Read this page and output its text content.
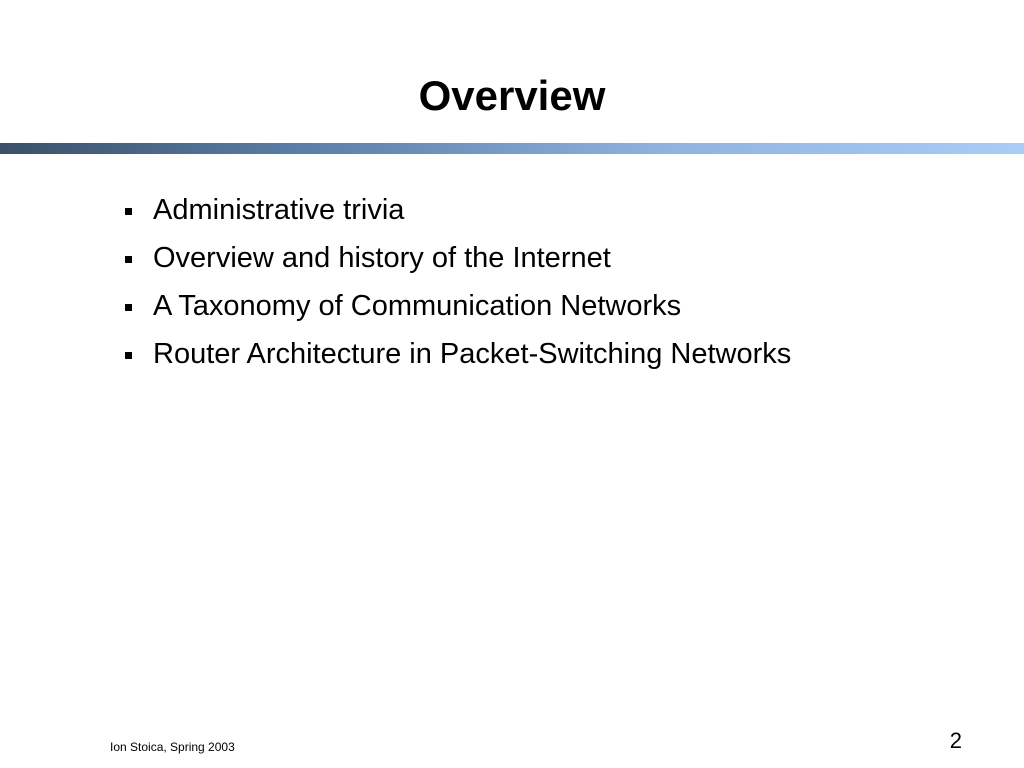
Overview
Administrative trivia
Overview and history of the Internet
A Taxonomy of Communication Networks
Router Architecture in Packet-Switching Networks
Ion Stoica, Spring 2003	2
